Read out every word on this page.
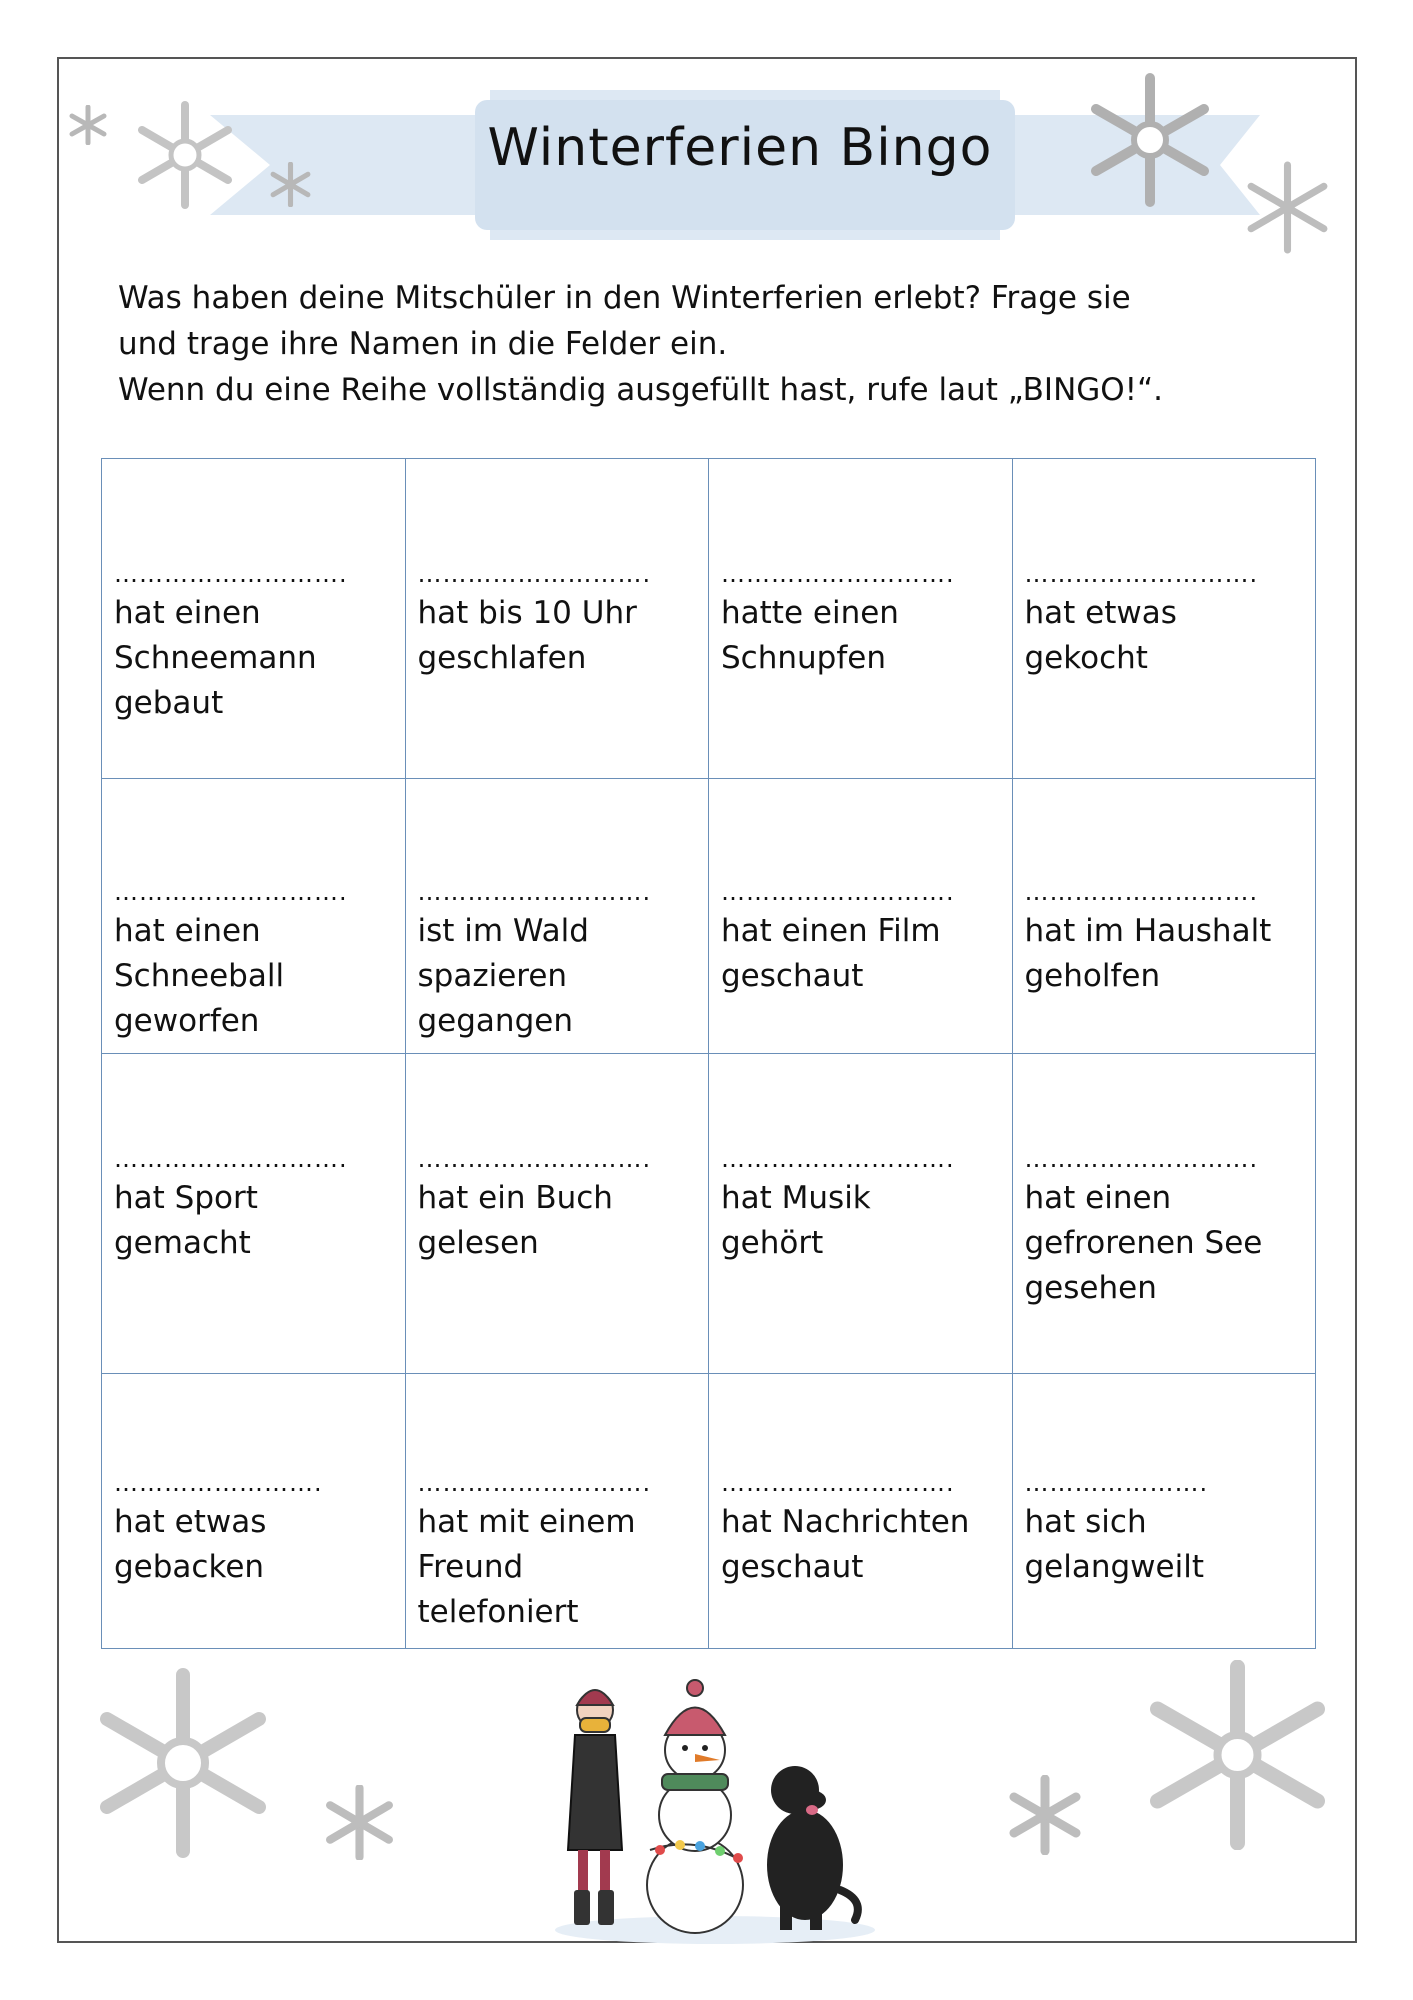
Winterferien Bingo
Was haben deine Mitschüler in den Winterferien erlebt? Frage sie
und trage ihre Namen in die Felder ein.
Wenn du eine Reihe vollständig ausgefüllt hast, rufe laut „BINGO!“.
……………………….
hat einen
Schneemann
gebaut	……………………….
hat bis 10 Uhr
geschlafen	……………………….
hatte einen
Schnupfen	……………………….
hat etwas
gekocht

……………………….
hat einen
Schneeball
geworfen	……………………….
ist im Wald
spazieren
gegangen	……………………….
hat einen Film
geschaut	……………………….
hat im Haushalt
geholfen

……………………….
hat Sport
gemacht	……………………….
hat ein Buch
gelesen	……………………….
hat Musik
gehört	……………………….
hat einen
gefrorenen See
gesehen

…………………….
hat etwas
gebacken	……………………….
hat mit einem
Freund
telefoniert	……………………….
hat Nachrichten
geschaut	………………….
hat sich
gelangweilt
